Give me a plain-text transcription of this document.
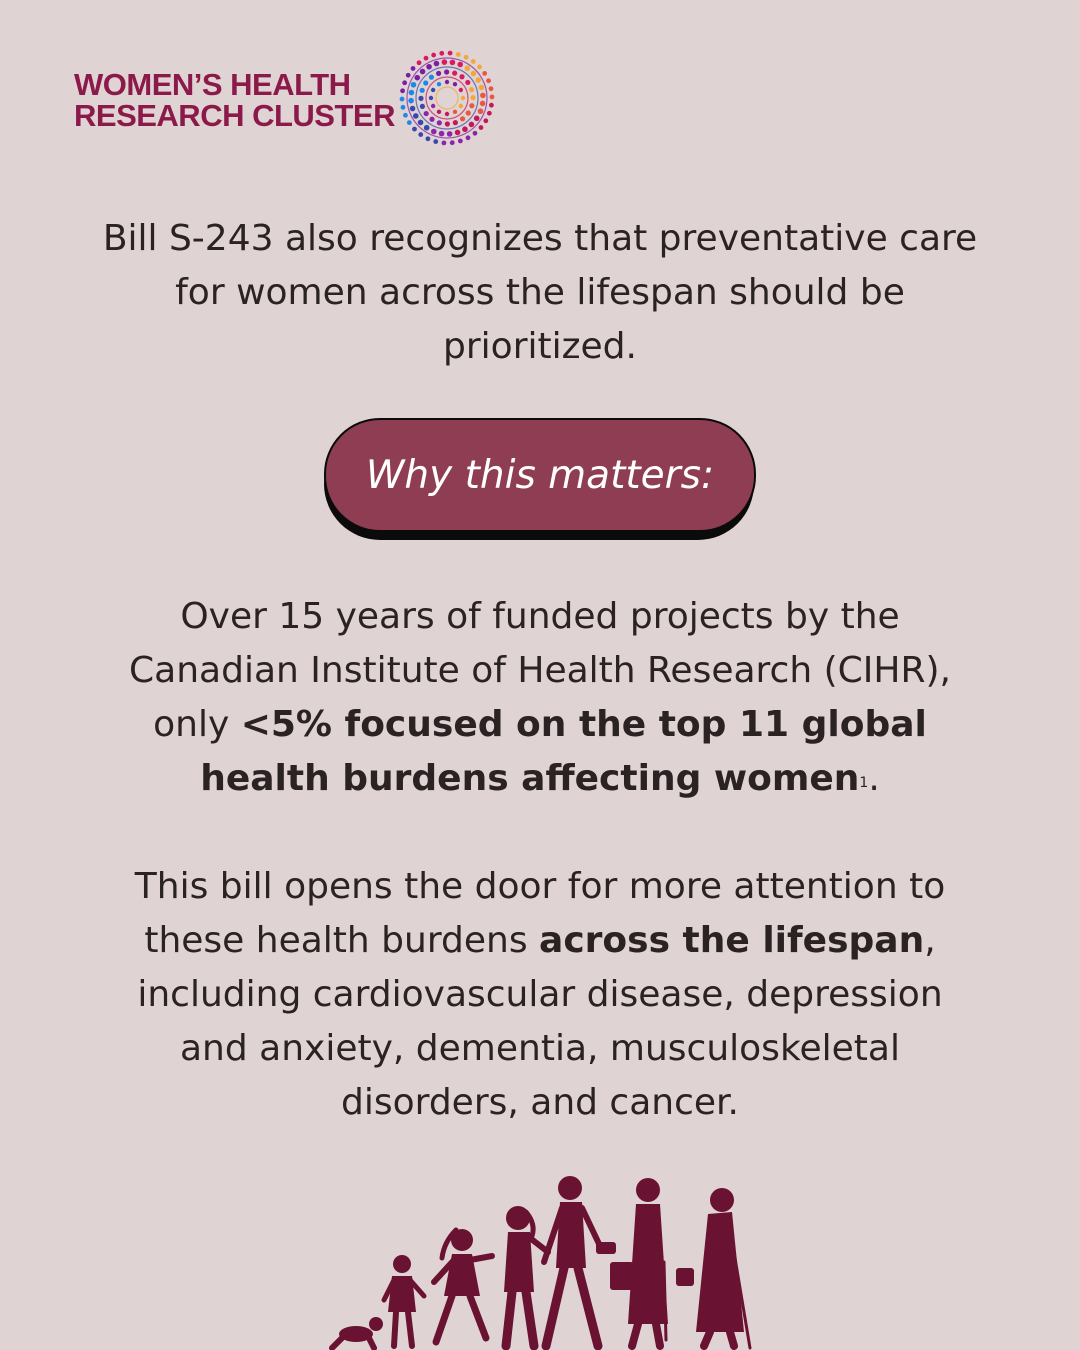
WOMEN’S HEALTH
RESEARCH CLUSTER

Bill S-243 also recognizes that preventative care for women across the lifespan should be prioritized.

Why this matters:

Over 15 years of funded projects by the Canadian Institute of Health Research (CIHR), only <5% focused on the top 11 global health burdens affecting women$^1$.

This bill opens the door for more attention to these health burdens across the lifespan, including cardiovascular disease, depression and anxiety, dementia, musculoskeletal disorders, and cancer.
